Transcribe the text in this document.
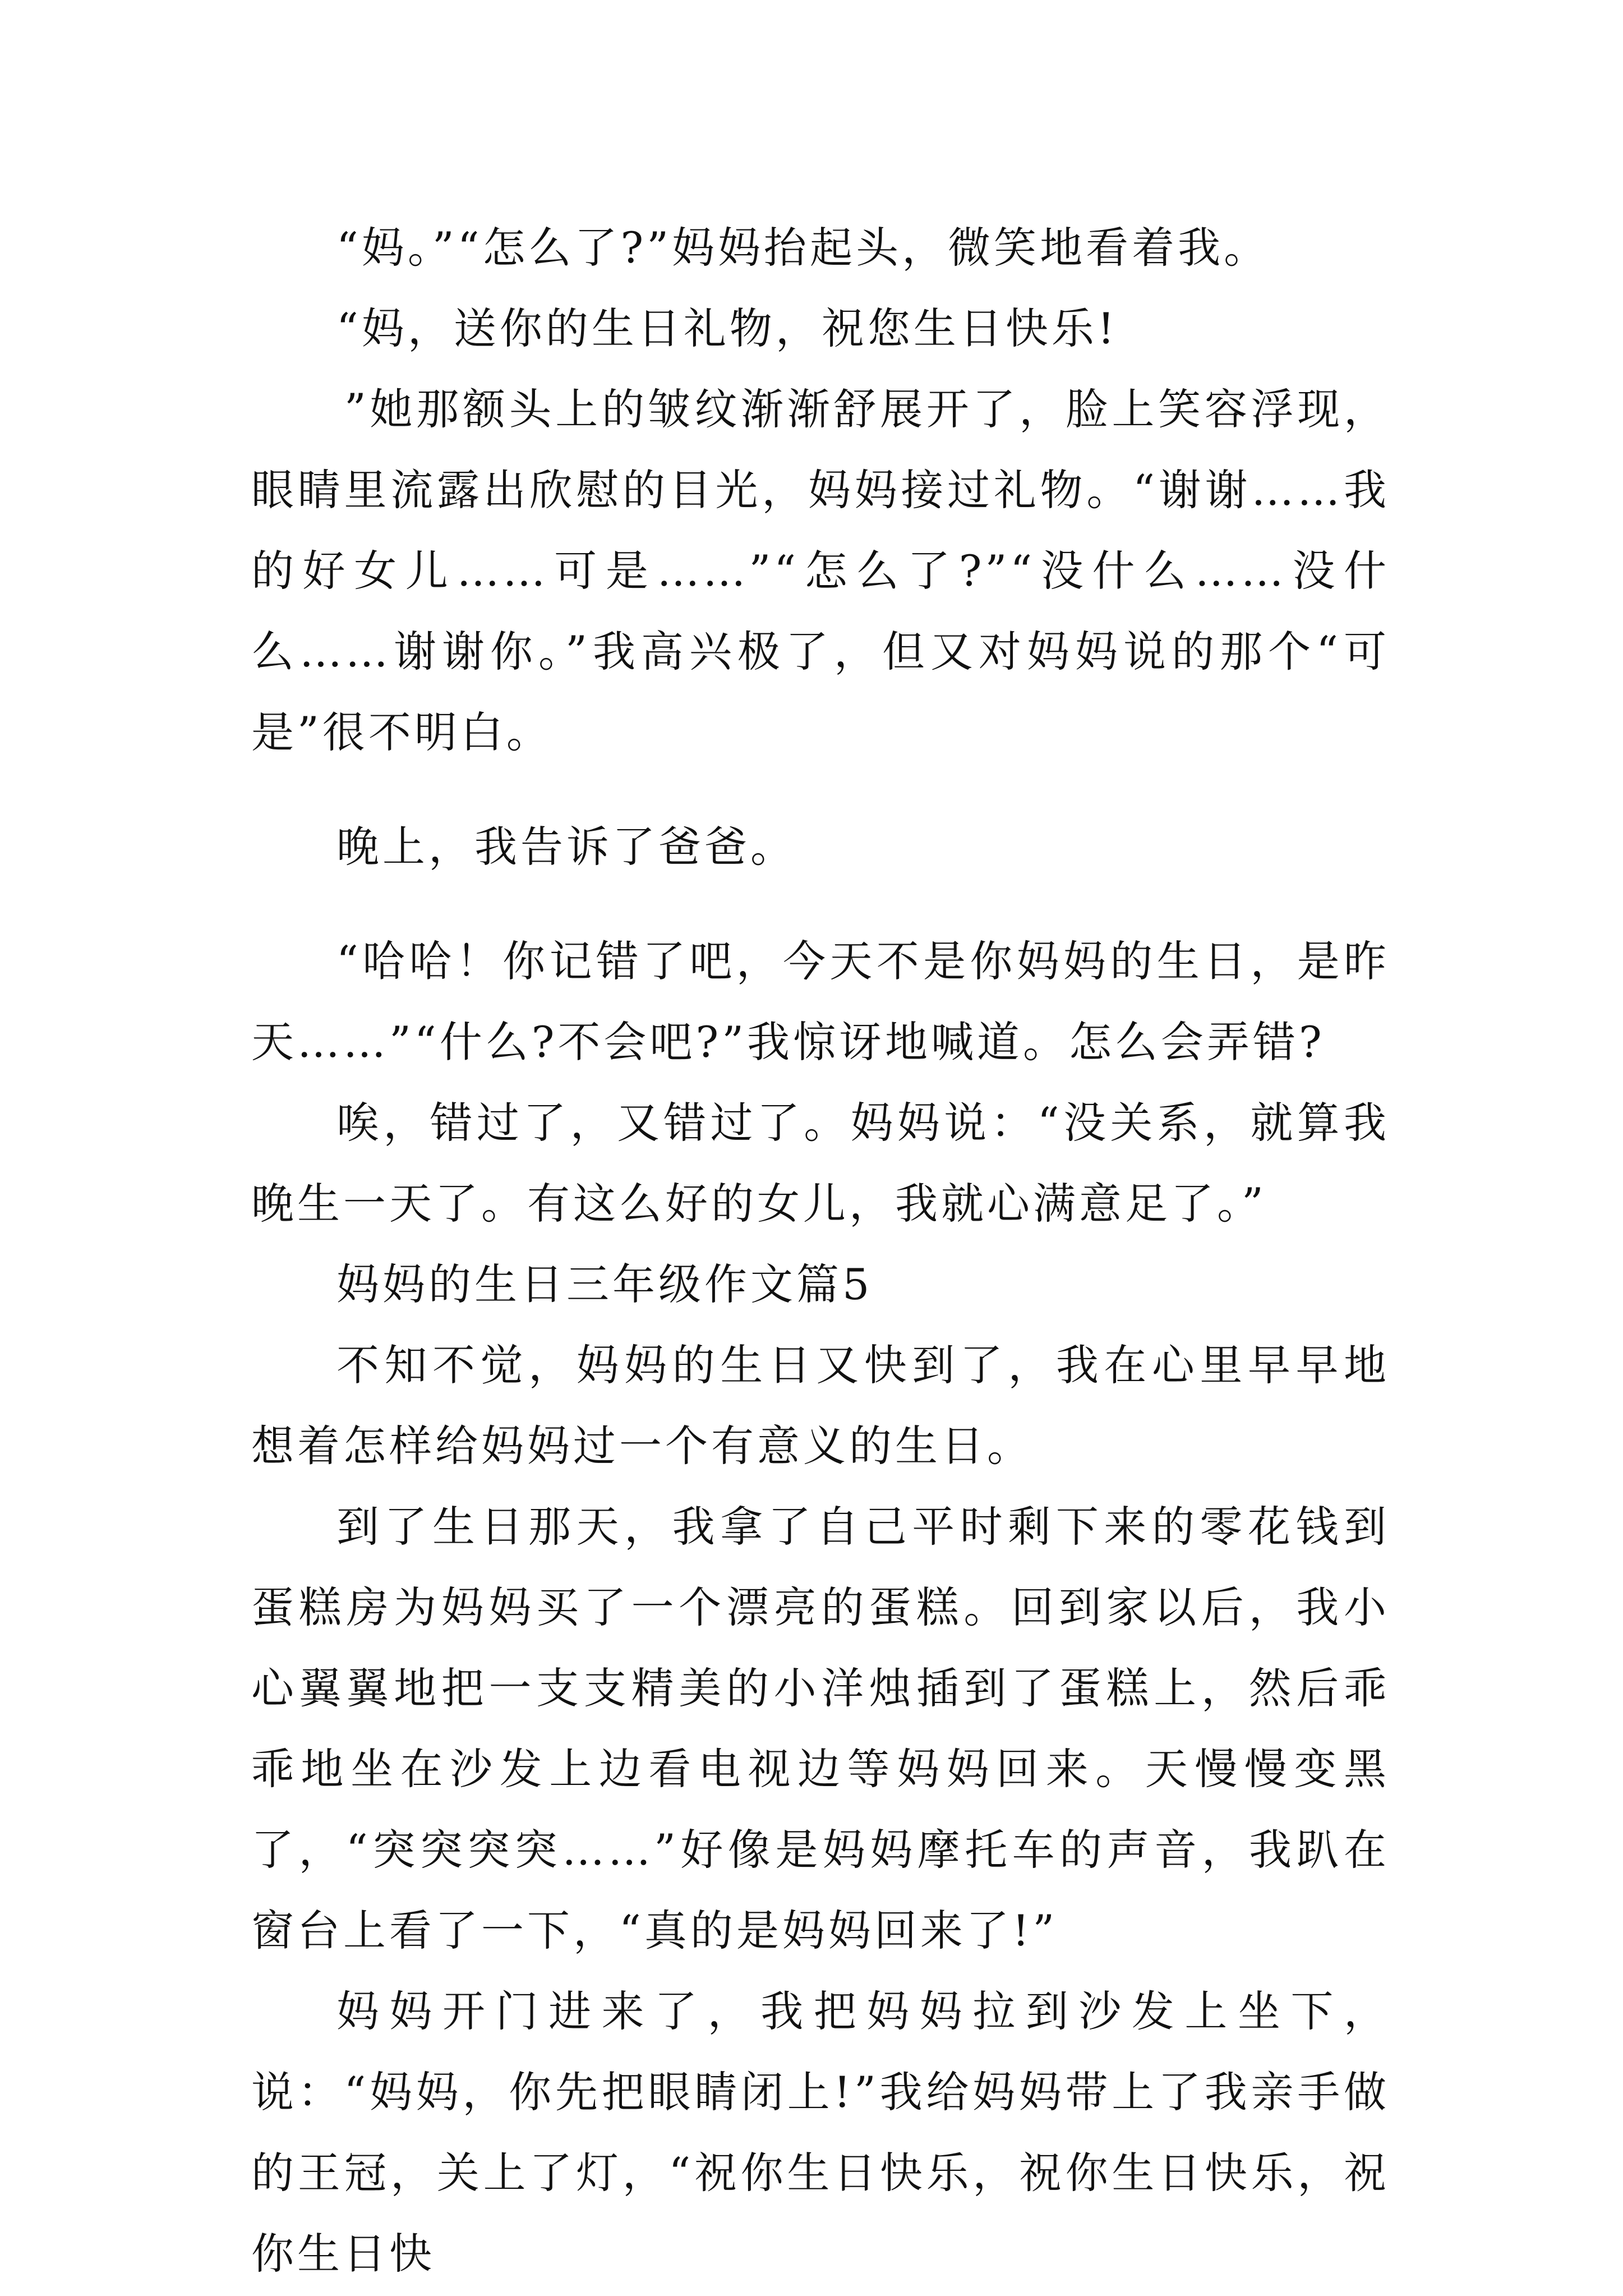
“妈。”“怎么了?”妈妈抬起头，微笑地看着我。

“妈，送你的生日礼物，祝您生日快乐!

”她那额头上的皱纹渐渐舒展开了，脸上笑容浮现，眼睛里流露出欣慰的目光，妈妈接过礼物。“谢谢……我的好女儿……可是……”“怎么了?”“没什么……没什么……谢谢你。”我高兴极了，但又对妈妈说的那个“可是”很不明白。

晚上，我告诉了爸爸。

“哈哈！你记错了吧，今天不是你妈妈的生日，是昨天……”“什么?不会吧?”我惊讶地喊道。怎么会弄错?

唉，错过了，又错过了。妈妈说：“没关系，就算我晚生一天了。有这么好的女儿，我就心满意足了。”

妈妈的生日三年级作文篇5

不知不觉，妈妈的生日又快到了，我在心里早早地想着怎样给妈妈过一个有意义的生日。

到了生日那天，我拿了自己平时剩下来的零花钱到蛋糕房为妈妈买了一个漂亮的蛋糕。回到家以后，我小心翼翼地把一支支精美的小洋烛插到了蛋糕上，然后乖乖地坐在沙发上边看电视边等妈妈回来。天慢慢变黑了，“突突突突……”好像是妈妈摩托车的声音，我趴在窗台上看了一下，“真的是妈妈回来了!”

妈妈开门进来了，我把妈妈拉到沙发上坐下，说：“妈妈，你先把眼睛闭上!”我给妈妈带上了我亲手做的王冠，关上了灯，“祝你生日快乐，祝你生日快乐，祝你生日快
